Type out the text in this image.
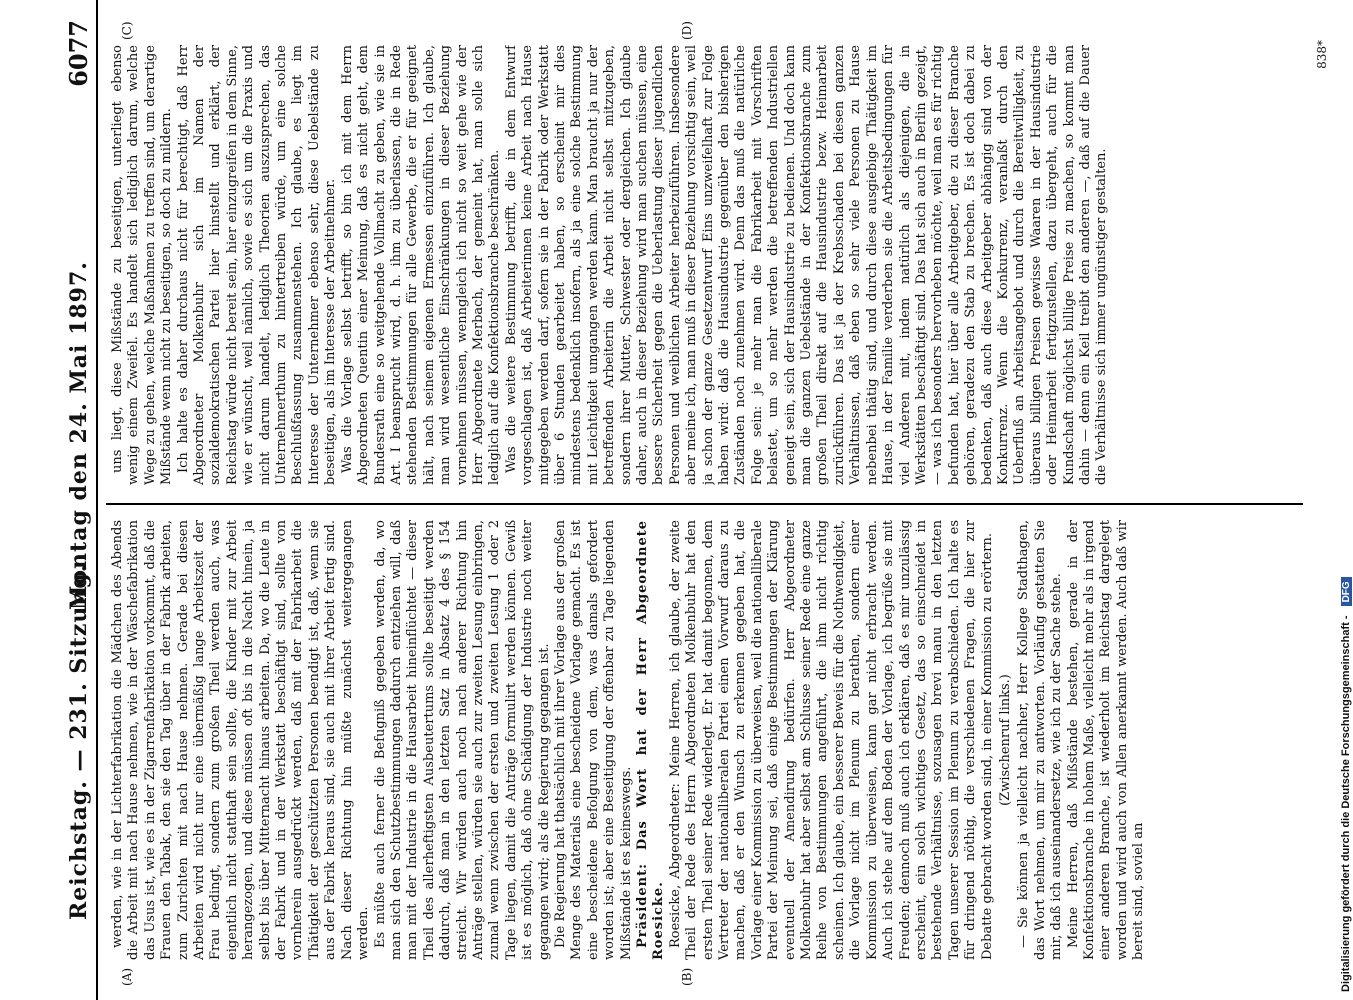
Reichstag. — 231. Sitzung.
Montag den 24. Mai 1897.
6077
(A)	(B)
(C)	(D)

werden, wie in der Lichterfabrikation die Mädchen des Abends die Arbeit mit nach Hause nehmen, wie in der Wäschefabrikation das Usus ist, wie es in der Zigarrenfabrikation vorkommt, daß die Frauen den Tabak, den sie den Tag über in der Fabrik arbeiten, zum Zurichten mit nach Hause nehmen. Gerade bei diesen Arbeiten wird nicht nur eine übermäßig lange Arbeitszeit der Frau bedingt, sondern zum großen Theil werden auch, was eigentlich nicht statthaft sein sollte, die Kinder mit zur Arbeit herangezogen, und diese müssen oft bis in die Nacht hinein, ja selbst bis über Mitternacht hinaus arbeiten. Da, wo die Leute in der Fabrik und in der Werkstatt beschäftigt sind, sollte von vornherein ausgedrückt werden, daß mit der Fabrikarbeit die Thätigkeit der geschützten Personen beendigt ist, daß, wenn sie aus der Fabrik heraus sind, sie auch mit ihrer Arbeit fertig sind. Nach dieser Richtung hin müßte zunächst weitergegangen werden. Es müßte auch ferner die Befugniß gegeben werden, da, wo man sich den Schutzbestimmungen dadurch entziehen will, daß man mit der Industrie in die Hausarbeit hineinflüchtet — dieser Theil des allerheftigsten Ausbeutertums sollte beseitigt werden dadurch, daß man in den letzten Satz in Absatz 4 des § 154 streicht. Wir würden auch noch nach anderer Richtung hin Anträge stellen, würden sie auch zur zweiten Lesung einbringen, zumal wenn zwischen der ersten und zweiten Lesung 1 oder 2 Tage liegen, damit die Anträge formulirt werden können. Gewiß ist es möglich, daß ohne Schädigung der Industrie noch weiter gegangen wird; als die Regierung gegangen ist. Die Regierung hat thatsächlich mit ihrer Vorlage aus der großen Menge des Materials eine bescheidene Vorlage gemacht. Es ist eine bescheidene Befolgung von dem, was damals gefordert worden ist; aber eine Beseitigung der offenbar zu Tage liegenden Mißstände ist es keineswegs. Präsident: Das Wort hat der Herr Abgeordnete Roesicke. Roesicke, Abgeordneter: Meine Herren, ich glaube, der zweite Theil der Rede des Herrn Abgeordneten Molkenbuhr hat den ersten Theil seiner Rede widerlegt. Er hat damit begonnen, dem Vertreter der nationalliberalen Partei einen Vorwurf daraus zu machen, daß er den Wunsch zu erkennen gegeben hat, die Vorlage einer Kommission zu überweisen, weil die nationalliberale Partei der Meinung sei, daß einige Bestimmungen der Klärung eventuell der Amendirung bedürfen. Herr Abgeordneter Molkenbuhr hat aber selbst am Schlusse seiner Rede eine ganze Reihe von Bestimmungen angeführt, die ihm nicht richtig scheinen. Ich glaube, ein besserer Beweis für die Nothwendigkeit, die Vorlage nicht im Plenum zu berathen, sondern einer Kommission zu überweisen, kann gar nicht erbracht werden. Auch ich stehe auf dem Boden der Vorlage, ich begrüße sie mit Freuden; dennoch muß auch ich erklären, daß es mir unzulässig erscheint, ein solch wichtiges Gesetz, das so einschneidet in bestehende Verhältnisse, sozusagen brevi manu in den letzten Tagen unserer Session im Plenum zu verabschieden. Ich halte es für dringend nöthig, die verschiedenen Fragen, die hier zur Debatte gebracht worden sind, in einer Kommission zu erörtern. (Zwischenruf links.) — Sie können ja vielleicht nachher, Herr Kollege Stadthagen, das Wort nehmen, um mir zu antworten. Vorläufig gestatten Sie mir, daß ich auseinandersetze, wie ich zu der Sache stehe. Meine Herren, daß Mißstände bestehen, gerade in der Konfektionsbranche in hohem Maße, vielleicht mehr als in irgend einer anderen Branche, ist wiederholt im Reichstag dargelegt worden und wird auch von Allen anerkannt werden. Auch daß wir bereit sind, soviel an

uns liegt, diese Mißstände zu beseitigen, unterliegt ebenso wenig einem Zweifel. Es handelt sich lediglich darum, welche Wege zu gehen, welche Maßnahmen zu treffen sind, um derartige Mißstände wenn nicht zu beseitigen, so doch zu mildern. Ich halte es daher durchaus nicht für berechtigt, daß Herr Abgeordneter Molkenbuhr sich im Namen der sozialdemokratischen Partei hier hinstellt und erklärt, der Reichstag würde nicht bereit sein, hier einzugreifen in dem Sinne, wie er wünscht, weil nämlich, sowie es sich um die Praxis und nicht darum handelt, lediglich Theorien auszusprechen, das Unternehmerthum zu hintertreiben würde, um eine solche Beschlußfassung zusammenstehen. Ich glaube, es liegt im Interesse der Unternehmer ebenso sehr, diese Uebelstände zu beseitigen, als im Interesse der Arbeitnehmer. Was die Vorlage selbst betrifft, so bin ich mit dem Herrn Abgeordneten Quentin einer Meinung, daß es nicht geht, dem Bundesrath eine so weitgehende Vollmacht zu geben, wie sie in Art. I beansprucht wird, d. h. ihm zu überlassen, die in Rede stehenden Bestimmungen für alle Gewerbe, die er für geeignet hält, nach seinem eigenen Ermessen einzuführen. Ich glaube, man wird wesentliche Einschränkungen in dieser Beziehung vornehmen müssen, wenngleich ich nicht so weit gehe wie der Herr Abgeordnete Merbach, der gemeint hat, man solle sich lediglich auf die Konfektionsbranche beschränken. Was die weitere Bestimmung betrifft, die in dem Entwurf vorgeschlagen ist, daß Arbeiterinnen keine Arbeit nach Hause mitgegeben werden darf, sofern sie in der Fabrik oder Werkstatt über 6 Stunden gearbeitet haben, so erscheint mir dies mindestens bedenklich insofern, als ja eine solche Bestimmung mit Leichtigkeit umgangen werden kann. Man braucht ja nur der betreffenden Arbeiterin die Arbeit nicht selbst mitzugeben, sondern ihrer Mutter, Schwester oder dergleichen. Ich glaube daher, auch in dieser Beziehung wird man suchen müssen, eine bessere Sicherheit gegen die Ueberlastung dieser jugendlichen Personen und weiblichen Arbeiter herbeizuführen. Insbesondere aber meine ich, man muß in dieser Beziehung vorsichtig sein, weil ja schon der ganze Gesetzentwurf Eins unzweifelhaft zur Folge haben wird: daß die Hausindustrie gegenüber den bisherigen Zuständen noch zunehmen wird. Denn das muß die natürliche Folge sein: je mehr man die Fabrikarbeit mit Vorschriften belastet, um so mehr werden die betreffenden Industriellen geneigt sein, sich der Hausindustrie zu bedienen. Und doch kann man die ganzen Uebelstände in der Konfektionsbranche zum großen Theil direkt auf die Hausindustrie bezw. Heimarbeit zurückführen. Das ist ja der Krebsschaden bei diesen ganzen Verhältnissen, daß eben so sehr viele Personen zu Hause nebenbei thätig sind, und durch diese ausgiebige Thätigkeit im Hause, in der Familie verderben sie die Arbeitsbedingungen für viel Anderen mit, indem natürlich als diejenigen, die in Werkstätten beschäftigt sind. Das hat sich auch in Berlin gezeigt, — was ich besonders hervorheben möchte, weil man es für richtig befunden hat, hier über alle Arbeitgeber, die zu dieser Branche gehören, geradezu den Stab zu brechen. Es ist doch dabei zu bedenken, daß auch diese Arbeitgeber abhängig sind von der Konkurrenz. Wenn die Konkurrenz, veranlaßt durch den Ueberfluß an Arbeitsangebot und durch die Bereitwilligkeit, zu überaus billigen Preisen gewisse Waaren in der Hausindustrie oder Heimarbeit fertigzustellen, dazu übergeht, auch für die Kundschaft möglichst billige Preise zu machen, so kommt man dahin — denn ein Keil treibt den anderen —, daß auf die Dauer die Verhältnisse sich immer ungünstiger gestalten.

838*
Digitalisierung gefördert durch die Deutsche Forschungsgemeinschaft - DFG
